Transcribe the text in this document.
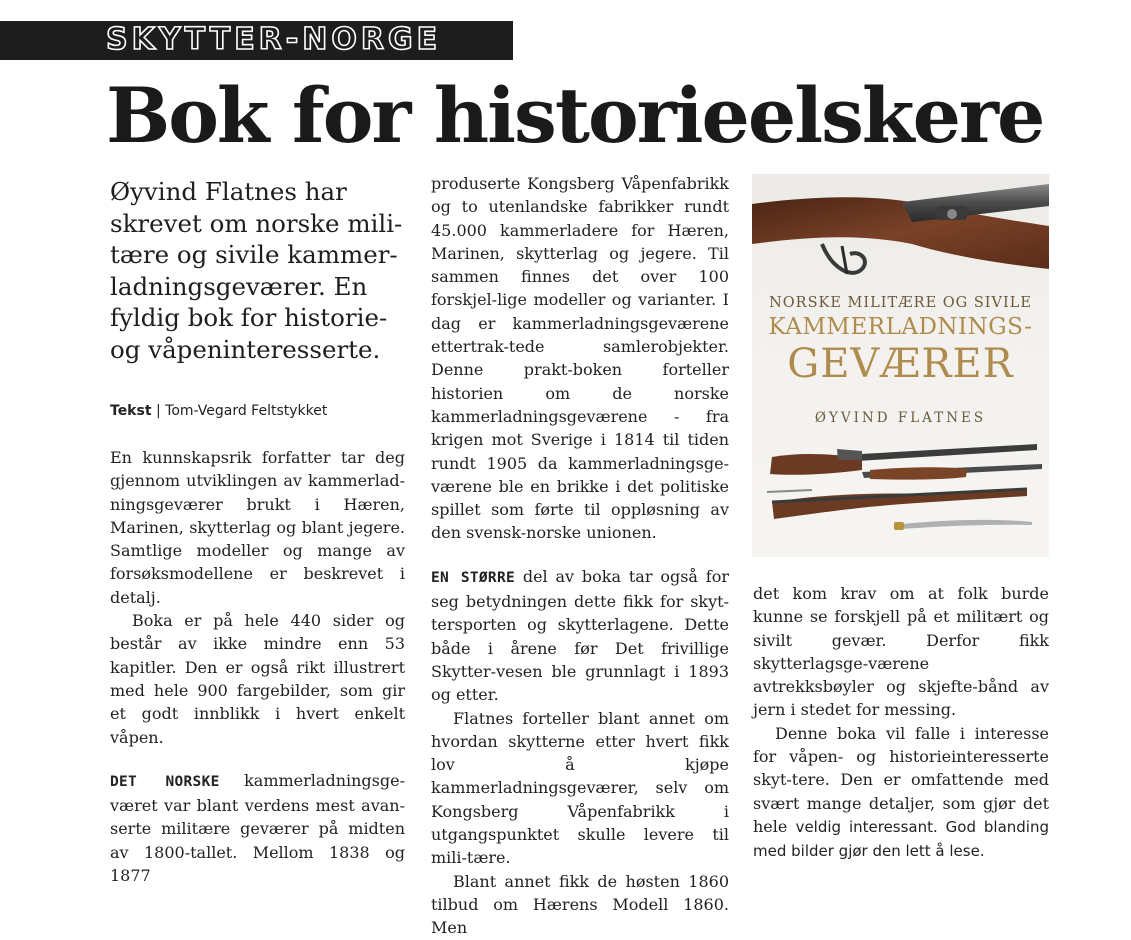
SKYTTER-NORGE
Bok for historieelskere

Øyvind Flatnes har skrevet om norske mili-tære og sivile kammer-ladningsgeværer. En fyldig bok for historie- og våpeninteresserte.

Tekst | Tom-Vegard Feltstykket

En kunnskapsrik forfatter tar deg gjennom utviklingen av kammerlad-ningsgeværer brukt i Hæren, Marinen, skytterlag og blant jegere. Samtlige modeller og mange av forsøksmodellene er beskrevet i detalj.

Boka er på hele 440 sider og består av ikke mindre enn 53 kapitler. Den er også rikt illustrert med hele 900 fargebilder, som gir et godt innblikk i hvert enkelt våpen.

DET NORSKE kammerladningsge-været var blant verdens mest avan-serte militære geværer på midten av 1800-tallet. Mellom 1838 og 1877

produserte Kongsberg Våpenfabrikk og to utenlandske fabrikker rundt 45.000 kammerladere for Hæren, Marinen, skytterlag og jegere. Til sammen finnes det over 100 forskjel-lige modeller og varianter. I dag er kammerladningsgeværene ettertrak-tede samlerobjekter. Denne prakt-boken forteller historien om de norske kammerladningsgeværene - fra krigen mot Sverige i 1814 til tiden rundt 1905 da kammerladningsge-værene ble en brikke i det politiske spillet som førte til oppløsning av den svensk-norske unionen.

EN STØRRE del av boka tar også for seg betydningen dette fikk for skyt-tersporten og skytterlagene. Dette både i årene før Det frivillige Skytter-vesen ble grunnlagt i 1893 og etter.

Flatnes forteller blant annet om hvordan skytterne etter hvert fikk lov å kjøpe kammerladningsgeværer, selv om Kongsberg Våpenfabrikk i utgangspunktet skulle levere til mili-tære.

Blant annet fikk de høsten 1860 tilbud om Hærens Modell 1860. Men

NORSKE MILITÆRE OG SIVILE
KAMMERLADNINGS-
GEVÆRER
ØYVIND FLATNES

det kom krav om at folk burde kunne se forskjell på et militært og sivilt gevær. Derfor fikk skytterlagsge-værene avtrekksbøyler og skjefte-bånd av jern i stedet for messing.

Denne boka vil falle i interesse for våpen- og historieinteresserte skyt-tere. Den er omfattende med svært mange detaljer, som gjør det hele veldig interessant. God blanding med bilder gjør den lett å lese.
